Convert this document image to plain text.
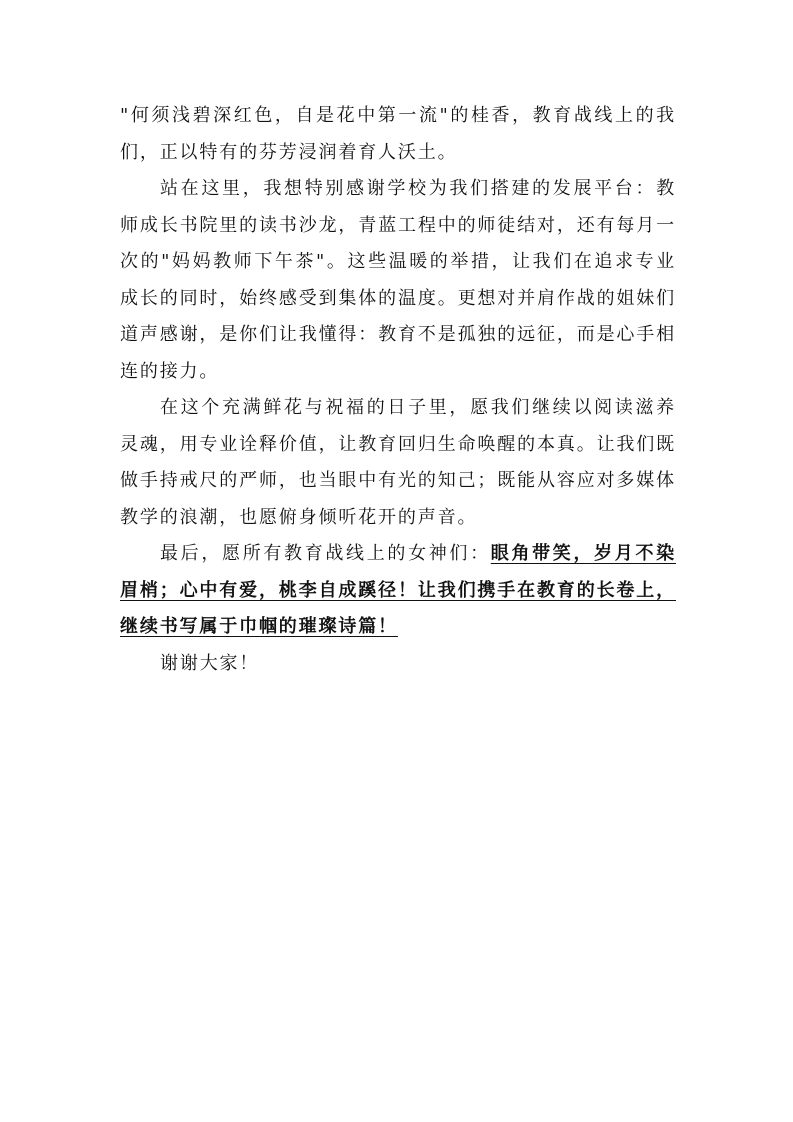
"何须浅碧深红色，自是花中第一流"的桂香，教育战线上的我们，正以特有的芬芳浸润着育人沃土。

站在这里，我想特别感谢学校为我们搭建的发展平台：教师成长书院里的读书沙龙，青蓝工程中的师徒结对，还有每月一次的"妈妈教师下午茶"。这些温暖的举措，让我们在追求专业成长的同时，始终感受到集体的温度。更想对并肩作战的姐妹们道声感谢，是你们让我懂得：教育不是孤独的远征，而是心手相连的接力。

在这个充满鲜花与祝福的日子里，愿我们继续以阅读滋养灵魂，用专业诠释价值，让教育回归生命唤醒的本真。让我们既做手持戒尺的严师，也当眼中有光的知己；既能从容应对多媒体教学的浪潮，也愿俯身倾听花开的声音。

最后，愿所有教育战线上的女神们：眼角带笑，岁月不染眉梢；心中有爱，桃李自成蹊径！让我们携手在教育的长卷上，继续书写属于巾帼的璀璨诗篇！

谢谢大家！
